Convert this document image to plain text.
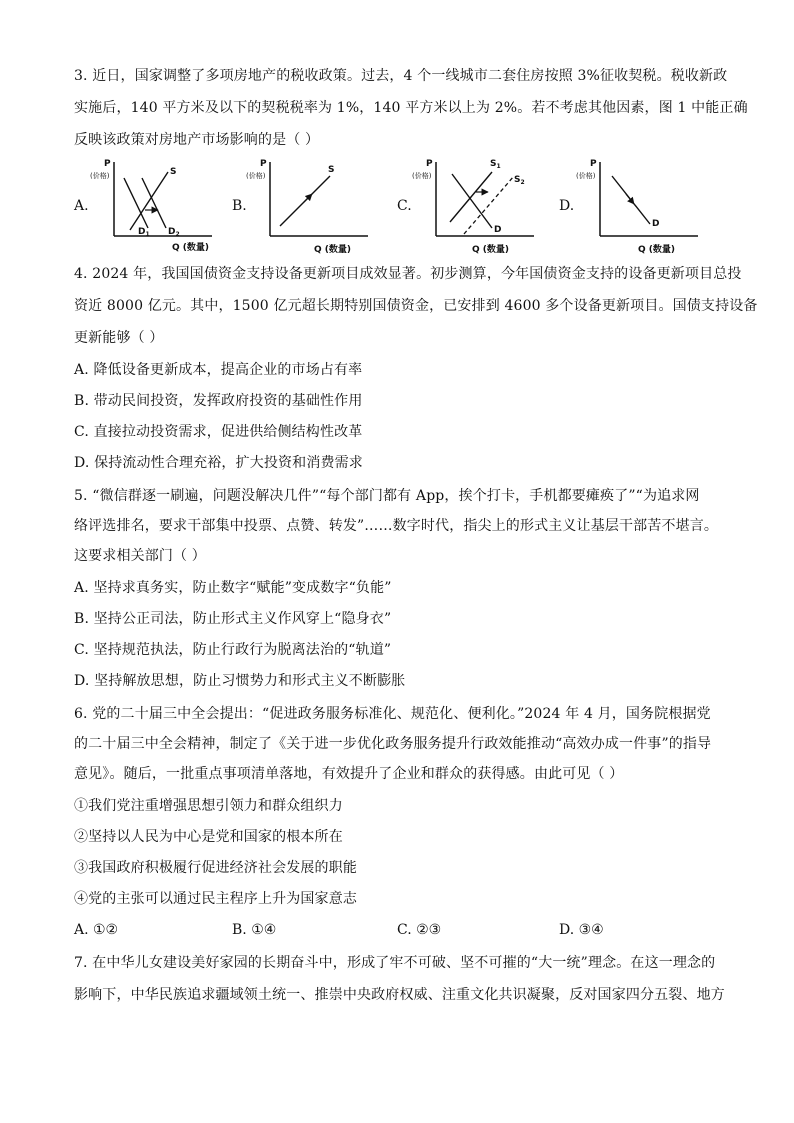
3. 近日，国家调整了多项房地产的税收政策。过去，4 个一线城市二套住房按照 3%征收契税。税收新政
实施后，140 平方米及以下的契税税率为 1%，140 平方米以上为 2%。若不考虑其他因素，图 1 中能正确
反映该政策对房地产市场影响的是（ ）
A.
P
(价格)
Q (数量)
S
$D_1$ $D_2$
B.
P
(价格)
Q (数量)
S
C.
P
(价格)
Q (数量)
$S_1$
$S_2$
D
D.
P
(价格)
Q (数量)
D
4. 2024 年，我国国债资金支持设备更新项目成效显著。初步测算，今年国债资金支持的设备更新项目总投
资近 8000 亿元。其中，1500 亿元超长期特别国债资金，已安排到 4600 多个设备更新项目。国债支持设备
更新能够（ ）
A. 降低设备更新成本，提高企业的市场占有率
B. 带动民间投资，发挥政府投资的基础性作用
C. 直接拉动投资需求，促进供给侧结构性改革
D. 保持流动性合理充裕，扩大投资和消费需求
5. “微信群逐一刷遍，问题没解决几件”“每个部门都有 App，挨个打卡，手机都要瘫痪了”“为追求网
络评选排名，要求干部集中投票、点赞、转发”……数字时代，指尖上的形式主义让基层干部苦不堪言。
这要求相关部门（ ）
A. 坚持求真务实，防止数字“赋能”变成数字“负能”
B. 坚持公正司法，防止形式主义作风穿上“隐身衣”
C. 坚持规范执法，防止行政行为脱离法治的“轨道”
D. 坚持解放思想，防止习惯势力和形式主义不断膨胀
6. 党的二十届三中全会提出：“促进政务服务标准化、规范化、便利化。”2024 年 4 月，国务院根据党
的二十届三中全会精神，制定了《关于进一步优化政务服务提升行政效能推动“高效办成一件事”的指导
意见》。随后，一批重点事项清单落地，有效提升了企业和群众的获得感。由此可见（ ）
①我们党注重增强思想引领力和群众组织力
②坚持以人民为中心是党和国家的根本所在
③我国政府积极履行促进经济社会发展的职能
④党的主张可以通过民主程序上升为国家意志
A. ①②	B. ①④	C. ②③	D. ③④
7. 在中华儿女建设美好家园的长期奋斗中，形成了牢不可破、坚不可摧的“大一统”理念。在这一理念的
影响下，中华民族追求疆域领土统一、推崇中央政府权威、注重文化共识凝聚，反对国家四分五裂、地方
